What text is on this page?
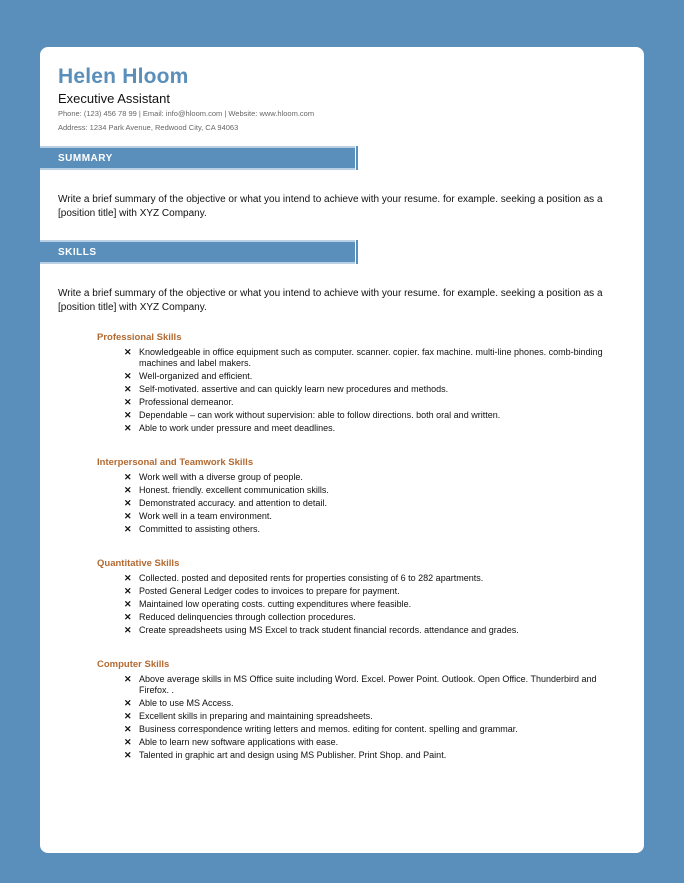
Helen Hloom
Executive Assistant
Phone: (123) 456 78 99 | Email: info@hloom.com | Website: www.hloom.com
Address: 1234 Park Avenue, Redwood City, CA 94063
SUMMARY
Write a brief summary of the objective or what you intend to achieve with your resume. for example. seeking a position as a [position title] with XYZ Company.
SKILLS
Write a brief summary of the objective or what you intend to achieve with your resume. for example. seeking a position as a [position title] with XYZ Company.
Professional Skills
✕ Knowledgeable in office equipment such as computer. scanner. copier. fax machine. multi-line phones. comb-binding machines and label makers.
✕ Well-organized and efficient.
✕ Self-motivated. assertive and can quickly learn new procedures and methods.
✕ Professional demeanor.
✕ Dependable – can work without supervision: able to follow directions. both oral and written.
✕ Able to work under pressure and meet deadlines.
Interpersonal and Teamwork Skills
✕ Work well with a diverse group of people.
✕ Honest. friendly. excellent communication skills.
✕ Demonstrated accuracy. and attention to detail.
✕ Work well in a team environment.
✕ Committed to assisting others.
Quantitative Skills
✕ Collected. posted and deposited rents for properties consisting of 6 to 282 apartments.
✕ Posted General Ledger codes to invoices to prepare for payment.
✕ Maintained low operating costs. cutting expenditures where feasible.
✕ Reduced delinquencies through collection procedures.
✕ Create spreadsheets using MS Excel to track student financial records. attendance and grades.
Computer Skills
✕ Above average skills in MS Office suite including Word. Excel. Power Point. Outlook. Open Office. Thunderbird and Firefox. .
✕ Able to use MS Access.
✕ Excellent skills in preparing and maintaining spreadsheets.
✕ Business correspondence writing letters and memos. editing for content. spelling and grammar.
✕ Able to learn new software applications with ease.
✕ Talented in graphic art and design using MS Publisher. Print Shop. and Paint.
